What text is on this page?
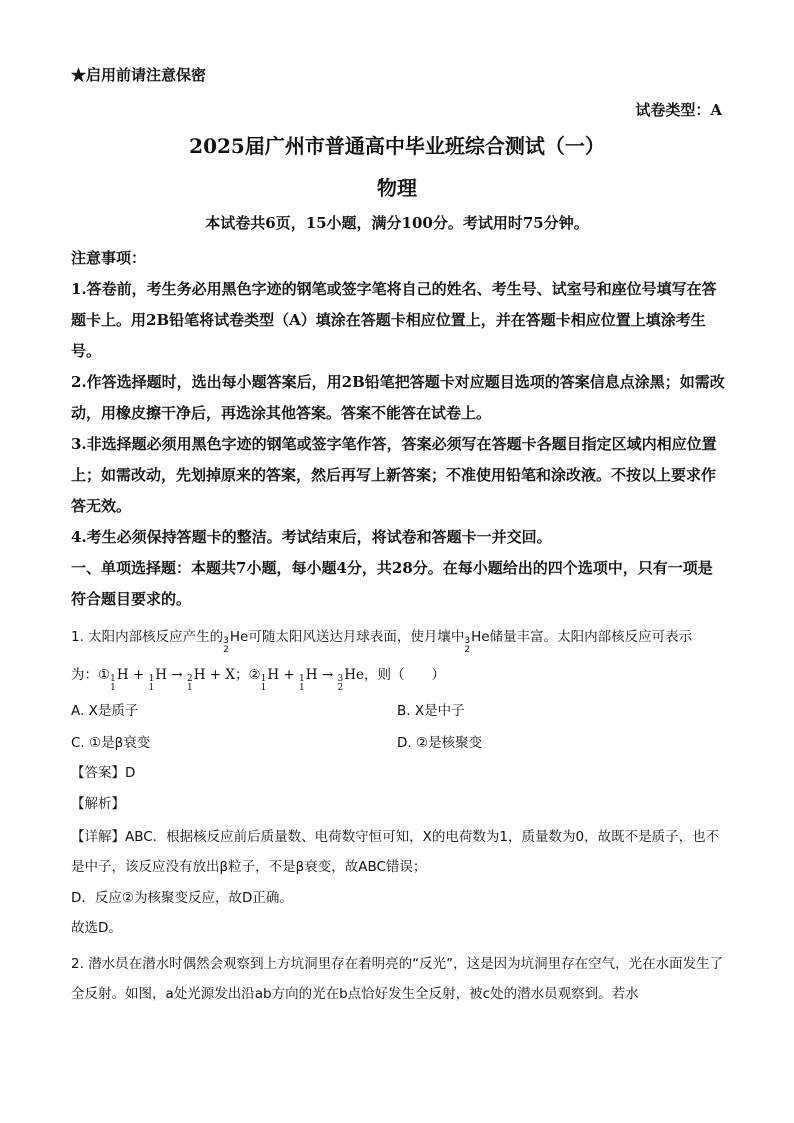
★启用前请注意保密
试卷类型：A
2025届广州市普通高中毕业班综合测试（一）
物理
本试卷共6页，15小题，满分100分。考试用时75分钟。
注意事项：
1.答卷前，考生务必用黑色字迹的钢笔或签字笔将自己的姓名、考生号、试室号和座位号填写在答题卡上。用2B铅笔将试卷类型（A）填涂在答题卡相应位置上，并在答题卡相应位置上填涂考生号。
2.作答选择题时，选出每小题答案后，用2B铅笔把答题卡对应题目选项的答案信息点涂黑；如需改动，用橡皮擦干净后，再选涂其他答案。答案不能答在试卷上。
3.非选择题必须用黑色字迹的钢笔或签字笔作答，答案必须写在答题卡各题目指定区域内相应位置上；如需改动，先划掉原来的答案，然后再写上新答案；不准使用铅笔和涂改液。不按以上要求作答无效。
4.考生必须保持答题卡的整洁。考试结束后，将试卷和答题卡一并交回。
一、单项选择题：本题共7小题，每小题4分，共28分。在每小题给出的四个选项中，只有一项是符合题目要求的。
1. 太阳内部核反应产生的 3
2
He可随太阳风送达月球表面，使月壤中 3
2
He储量丰富。太阳内部核反应可表示
为：① 1
1
H + 1
1
H → 2
1
H + X；② 1
1
H + 1
1
H → 3
2
He，则（　　）
A. X是质子	B. X是中子
C. ①是β衰变	D. ②是核聚变
【答案】D
【解析】
【详解】ABC．根据核反应前后质量数、电荷数守恒可知，X的电荷数为1，质量数为0，故既不是质子，也不是中子，该反应没有放出β粒子，不是β衰变，故ABC错误；
D．反应②为核聚变反应，故D正确。
故选D。
2. 潜水员在潜水时偶然会观察到上方坑洞里存在着明亮的“反光”，这是因为坑洞里存在空气，光在水面发生了全反射。如图，a处光源发出沿ab方向的光在b点恰好发生全反射，被c处的潜水员观察到。若水
